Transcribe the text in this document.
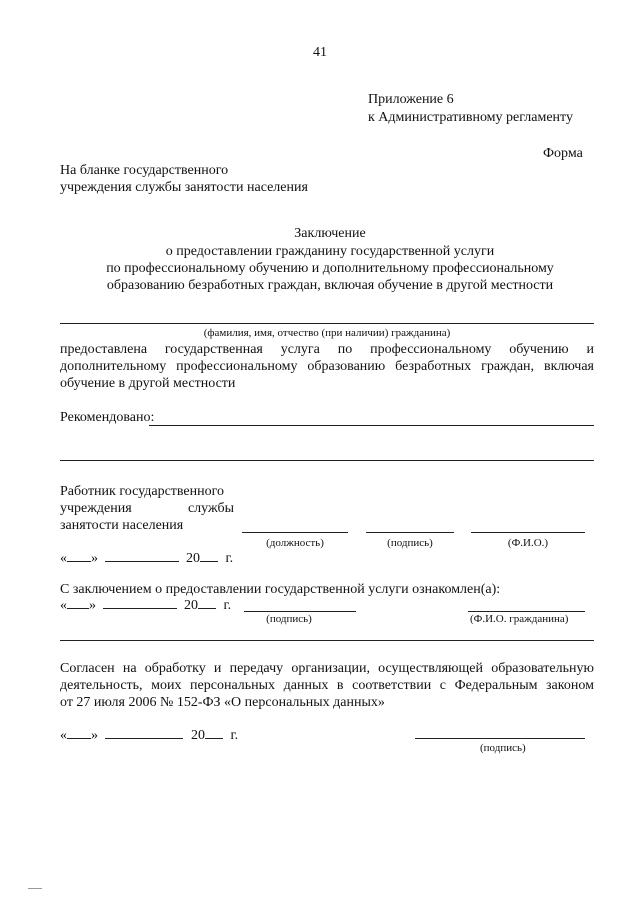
41
Приложение 6
к Административному регламенту
Форма
На бланке государственного
учреждения службы занятости населения
Заключение
о предоставлении гражданину государственной услуги
по профессиональному обучению и дополнительному профессиональному
образованию безработных граждан, включая обучение в другой местности
(фамилия, имя, отчество (при наличии) гражданина)
предоставлена государственная услуга по профессиональному обучению и
дополнительному профессиональному образованию безработных граждан, включая
обучение в другой местности
Рекомендовано:
Работник государственного
учреждения	службы
занятости населения
(должность)	(подпись)	(Ф.И.О.)
« »	20 г.
С заключением о предоставлении государственной услуги ознакомлен(а):
« »	20 г.
(подпись)	(Ф.И.О. гражданина)
Согласен на обработку и передачу организации, осуществляющей образовательную
деятельность, моих персональных данных в соответствии с Федеральным законом
от 27 июля 2006 № 152-ФЗ «О персональных данных»
« »	20 г.
(подпись)
